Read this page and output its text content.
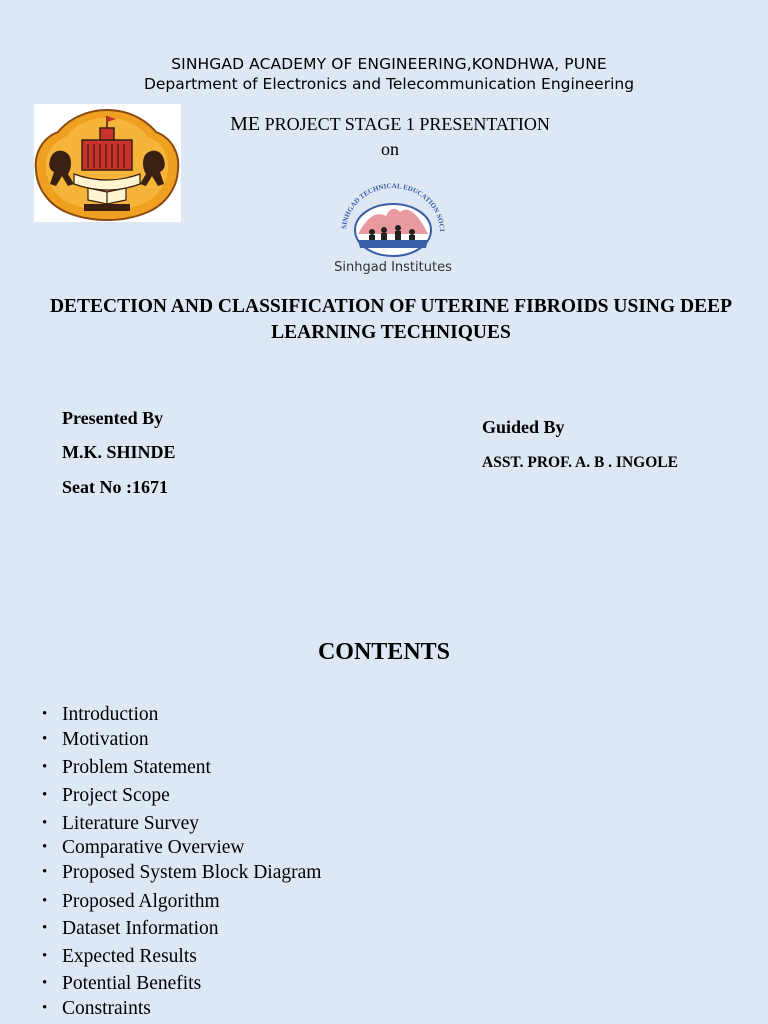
SINHGAD ACADEMY OF ENGINEERING,KONDHWA, PUNE
Department of Electronics and Telecommunication Engineering
ME PROJECT STAGE 1 PRESENTATION
on
SINHGAD TECHNICAL EDUCATION SOCI
Sinhgad Institutes
DETECTION AND CLASSIFICATION OF UTERINE FIBROIDS USING DEEP LEARNING TECHNIQUES
Presented By
M.K. SHINDE
Seat No :1671
Guided By
ASST. PROF. A. B . INGOLE
CONTENTS
• Introduction
• Motivation
• Problem Statement
• Project Scope
• Literature Survey
• Comparative Overview
• Proposed System Block Diagram
• Proposed Algorithm
• Dataset Information
• Expected Results
• Potential Benefits
• Constraints
